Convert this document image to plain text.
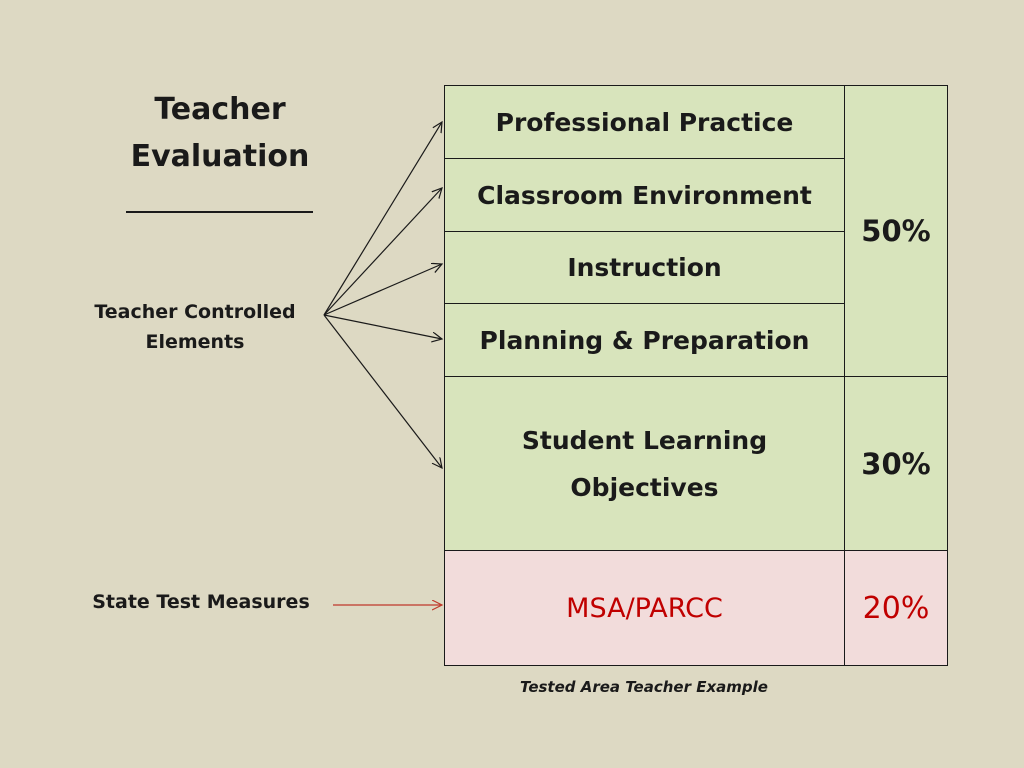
Teacher
Evaluation
Teacher Controlled
Elements
State Test Measures
Professional Practice
Classroom Environment
Instruction
Planning & Preparation
Student Learning
Objectives
MSA/PARCC
50%
30%
20%
Tested Area Teacher Example
